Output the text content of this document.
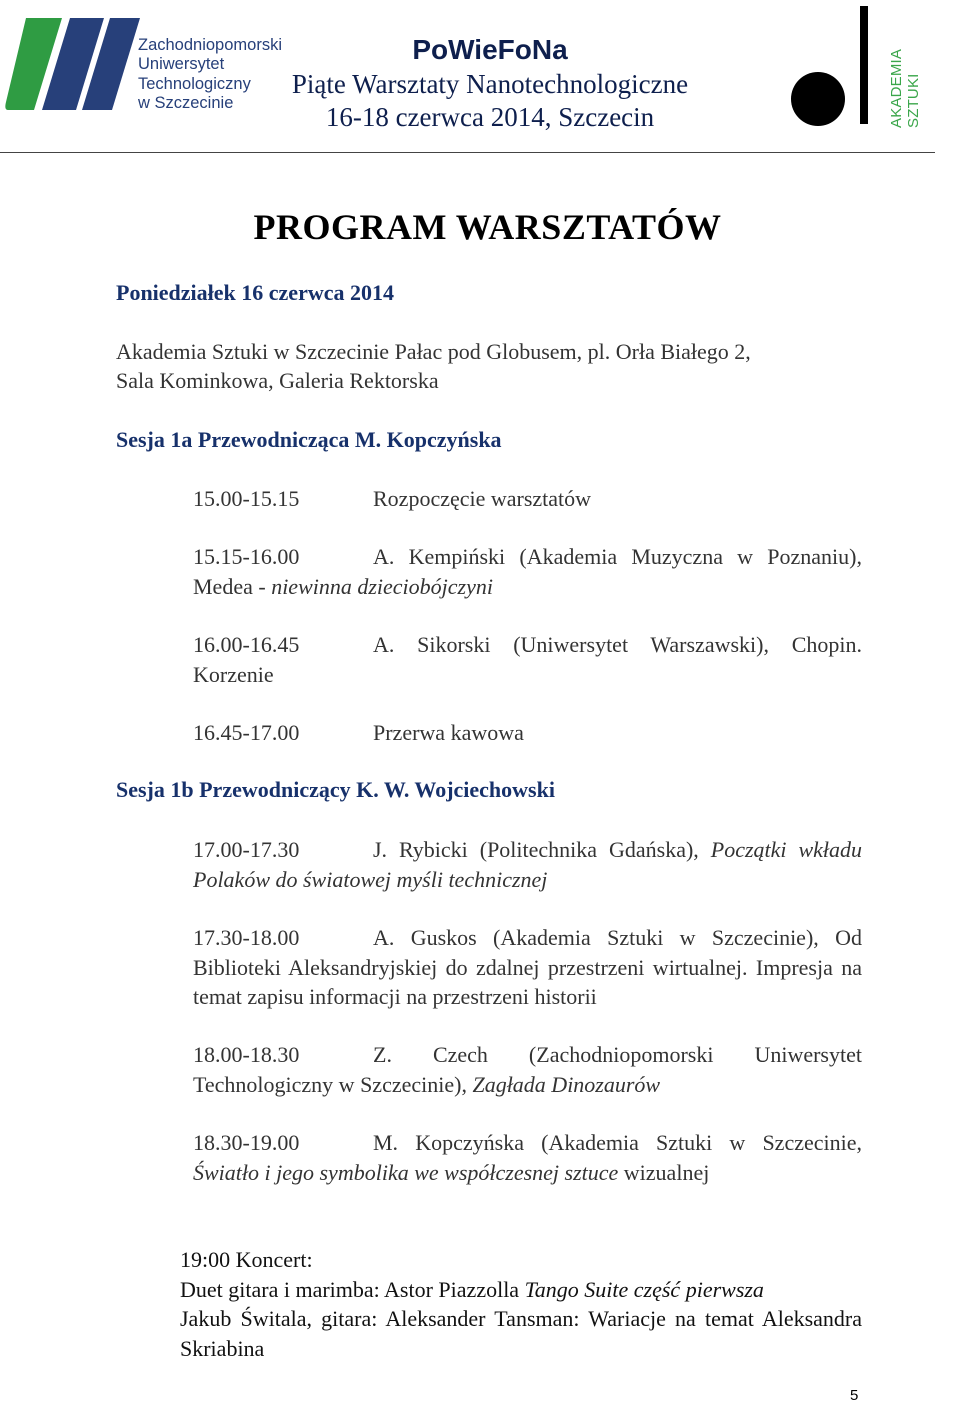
Zachodniopomorski
Uniwersytet
Technologiczny
w Szczecinie
PoWieFoNa
Piąte Warsztaty Nanotechnologiczne
16-18 czerwca 2014, Szczecin	AKADEMIA SZTUKI
PROGRAM WARSZTATÓW
Poniedziałek 16 czerwca 2014
Akademia Sztuki w Szczecinie Pałac pod Globusem, pl. Orła Białego 2,
Sala Kominkowa, Galeria Rektorska
Sesja 1a Przewodnicząca M. Kopczyńska
15.00-15.15	Rozpoczęcie warsztatów
15.15-16.00	A. Kempiński (Akademia Muzyczna w Poznaniu), Medea - niewinna dzieciobójczyni
16.00-16.45	A. Sikorski (Uniwersytet Warszawski), Chopin. Korzenie
16.45-17.00	Przerwa kawowa
Sesja 1b Przewodniczący K. W. Wojciechowski
17.00-17.30	J. Rybicki (Politechnika Gdańska), Początki wkładu Polaków do światowej myśli technicznej
17.30-18.00	A. Guskos (Akademia Sztuki w Szczecinie), Od Biblioteki Aleksandryjskiej do zdalnej przestrzeni wirtualnej. Impresja na temat zapisu informacji na przestrzeni historii
18.00-18.30	Z. Czech (Zachodniopomorski Uniwersytet Technologiczny w Szczecinie), Zagłada Dinozaurów
18.30-19.00	M. Kopczyńska (Akademia Sztuki w Szczecinie, Światło i jego symbolika we współczesnej sztuce wizualnej
19:00 Koncert:
Duet gitara i marimba: Astor Piazzolla Tango Suite część pierwsza
Jakub Świtala, gitara: Aleksander Tansman: Wariacje na temat Aleksandra Skriabina
5
